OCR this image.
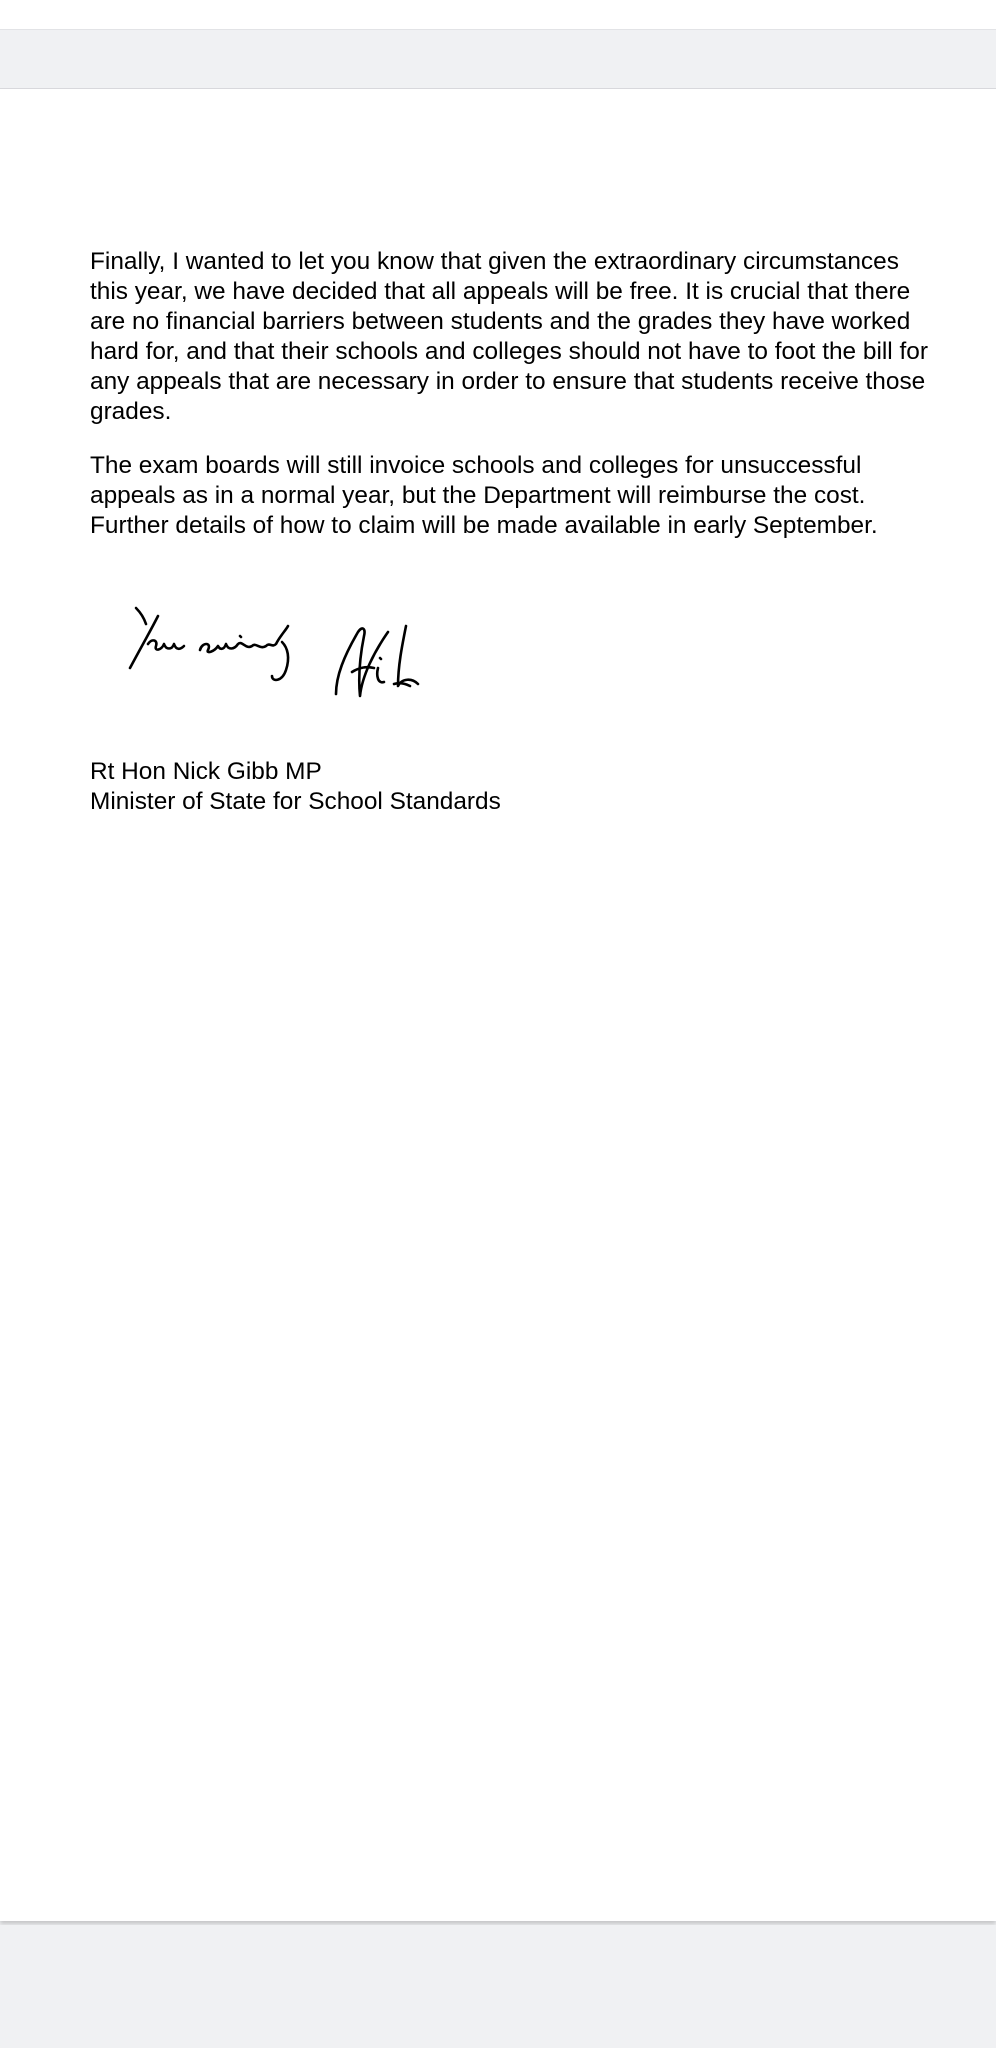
Finally, I wanted to let you know that given the extraordinary circumstances
this year, we have decided that all appeals will be free. It is crucial that there
are no financial barriers between students and the grades they have worked
hard for, and that their schools and colleges should not have to foot the bill for
any appeals that are necessary in order to ensure that students receive those
grades.

The exam boards will still invoice schools and colleges for unsuccessful
appeals as in a normal year, but the Department will reimburse the cost.
Further details of how to claim will be made available in early September.

Rt Hon Nick Gibb MP
Minister of State for School Standards
